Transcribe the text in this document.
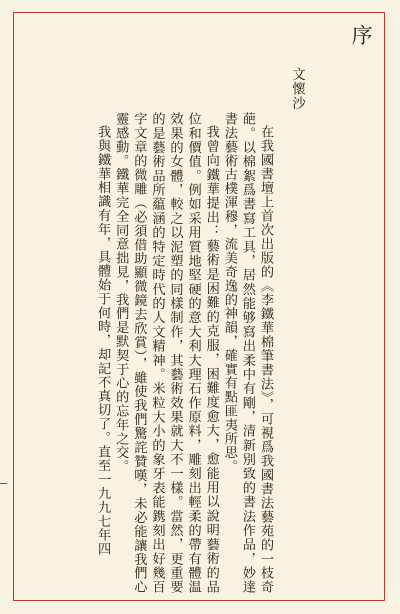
序
文懷沙

在我國書壇上首次出版的《李鐵華棉筆書法》，可視爲我國書法藝苑的一枝奇葩。以棉絮爲書寫工具，居然能够寫出柔中有剛，清新別致的書法作品，妙達書法藝術古樸渾穆，流美奇逸的神韻，確實有點匪夷所思。

我曾向鐵華提出：藝術是困難的克服，困難度愈大，愈能用以說明藝術的品位和價值。例如采用質地堅硬的意大利大理石作原料，雕刻出輕柔的帶有體温效果的女體，較之以泥塑的同樣制作，其藝術效果就大不一樣。當然，更重要的是藝術品所藴涵的特定時代的人文精神。米粒大小的象牙表能鎸刻出好幾百字文章的微雕（必須借助顯微鏡去欣賞），雖使我們驚詫贊嘆，未必能讓我們心靈感動。鐵華完全同意拙見，我們是默契于心的忘年之交。

我與鐵華相識有年，具體始于何時，却記不真切了。直至一九九七年四
